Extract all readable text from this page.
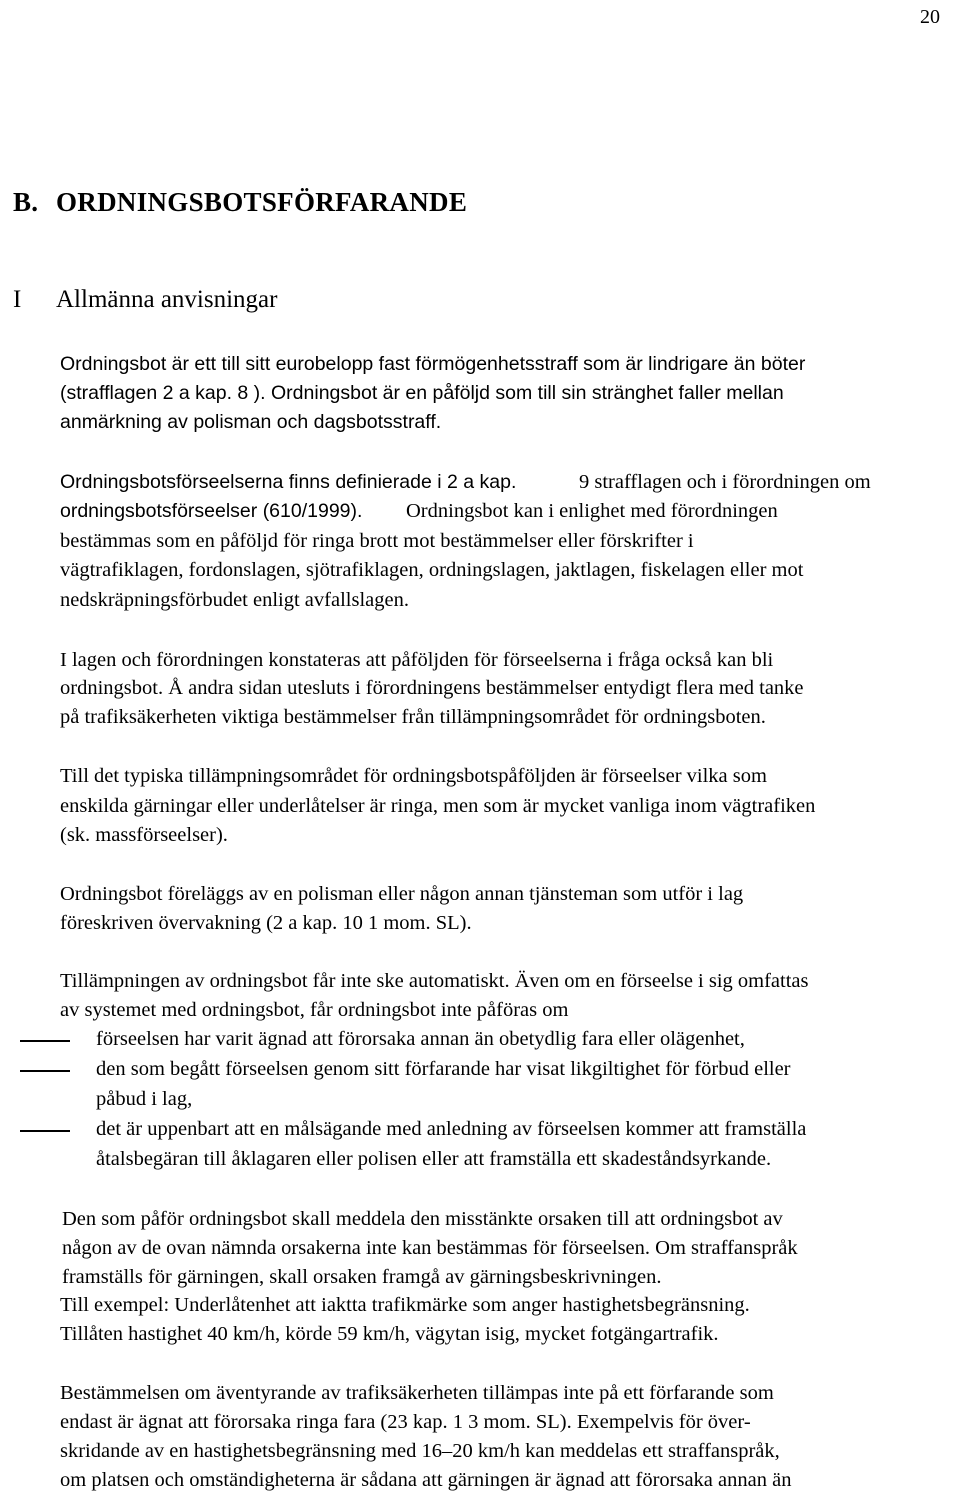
20
B. ORDNINGSBOTSFÖRFARANDE
I Allmänna anvisningar
Ordningsbot är ett till sitt eurobelopp fast förmögenhetsstraff som är lindrigare än böter
(strafflagen 2 a kap. 8 ). Ordningsbot är en påföljd som till sin stränghet faller mellan
anmärkning av polisman och dagsbotsstraff.
Ordningsbotsförseelserna finns definierade i 2 a kap.	9 strafflagen och i förordningen om
ordningsbotsförseelser (610/1999). Ordningsbot kan i enlighet med förordningen
bestämmas som en påföljd för ringa brott mot bestämmelser eller förskrifter i
vägtrafiklagen, fordonslagen, sjötrafiklagen, ordningslagen, jaktlagen, fiskelagen eller mot
nedskräpningsförbudet enligt avfallslagen.
I lagen och förordningen konstateras att påföljden för förseelserna i fråga också kan bli
ordningsbot. Å andra sidan utesluts i förordningens bestämmelser entydigt flera med tanke
på trafiksäkerheten viktiga bestämmelser från tillämpningsområdet för ordningsboten.
Till det typiska tillämpningsområdet för ordningsbotspåföljden är förseelser vilka som
enskilda gärningar eller underlåtelser är ringa, men som är mycket vanliga inom vägtrafiken
(sk. massförseelser).
Ordningsbot föreläggs av en polisman eller någon annan tjänsteman som utför i lag
föreskriven övervakning (2 a kap. 10 1 mom. SL).
Tillämpningen av ordningsbot får inte ske automatiskt. Även om en förseelse i sig omfattas
av systemet med ordningsbot, får ordningsbot inte påföras om
förseelsen har varit ägnad att förorsaka annan än obetydlig fara eller olägenhet,
den som begått förseelsen genom sitt förfarande har visat likgiltighet för förbud eller
påbud i lag,
det är uppenbart att en målsägande med anledning av förseelsen kommer att framställa
åtalsbegäran till åklagaren eller polisen eller att framställa ett skadeståndsyrkande.
Den som påför ordningsbot skall meddela den misstänkte orsaken till att ordningsbot av
någon av de ovan nämnda orsakerna inte kan bestämmas för förseelsen. Om straffanspråk
framställs för gärningen, skall orsaken framgå av gärningsbeskrivningen.
Till exempel: Underlåtenhet att iaktta trafikmärke som anger hastighetsbegränsning.
Tillåten hastighet 40 km/h, körde 59 km/h, vägytan isig, mycket fotgängartrafik.
Bestämmelsen om äventyrande av trafiksäkerheten tillämpas inte på ett förfarande som
endast är ägnat att förorsaka ringa fara (23 kap. 1 3 mom. SL). Exempelvis för över-
skridande av en hastighetsbegränsning med 16–20 km/h kan meddelas ett straffanspråk,
om platsen och omständigheterna är sådana att gärningen är ägnad att förorsaka annan än
